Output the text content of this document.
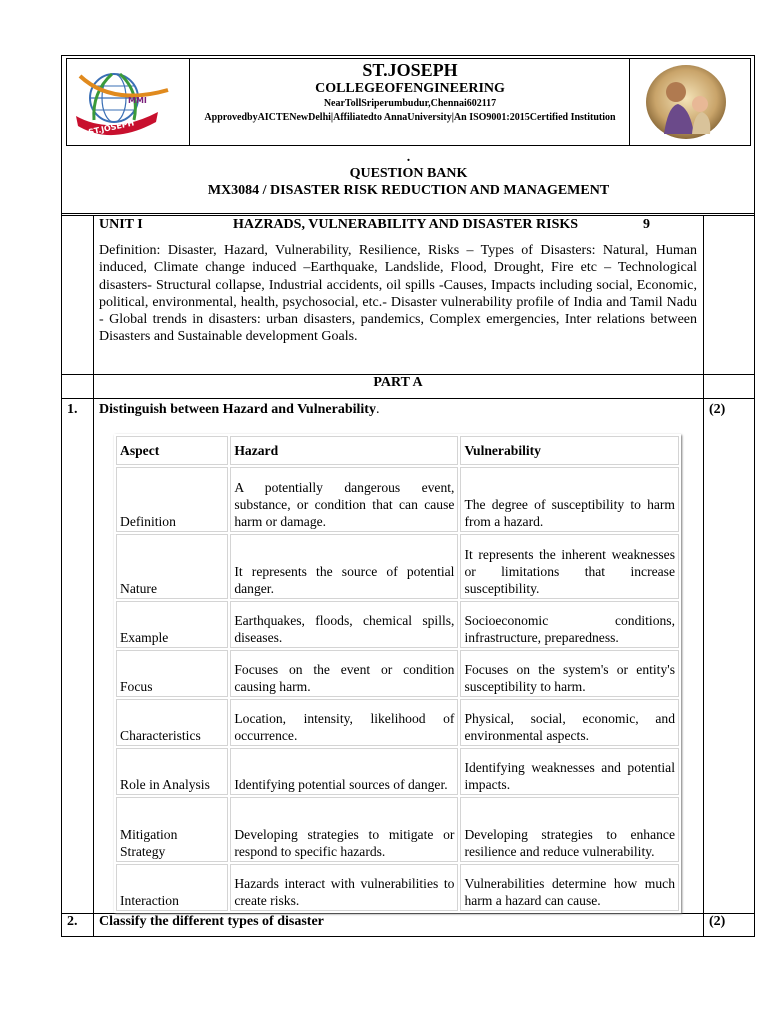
MMI
ST.JOSEPH
ST.JOSEPH
COLLEGEOFENGINEERING
NearTollSriperumbudur,Chennai602117
ApprovedbyAICTENewDelhi|Affiliatedto AnnaUniversity|An ISO9001:2015Certified Institution
.
QUESTION BANK
MX3084 / DISASTER RISK REDUCTION AND MANAGEMENT
UNIT I	HAZRADS, VULNERABILITY AND DISASTER RISKS	9
Definition: Disaster, Hazard, Vulnerability, Resilience, Risks – Types of Disasters: Natural, Human induced, Climate change induced –Earthquake, Landslide, Flood, Drought, Fire etc – Technological disasters- Structural collapse, Industrial accidents, oil spills -Causes, Impacts including social, Economic, political, environmental, health, psychosocial, etc.- Disaster vulnerability profile of India and Tamil Nadu - Global trends in disasters: urban disasters, pandemics, Complex emergencies, Inter relations between Disasters and Sustainable development Goals.
PART A
1. Distinguish between Hazard and Vulnerability.	(2)
Aspect	Hazard	Vulnerability
Definition	A potentially dangerous event, substance, or condition that can cause harm or damage.	The degree of susceptibility to harm from a hazard.
Nature	It represents the source of potential danger.	It represents the inherent weaknesses or limitations that increase susceptibility.
Example	Earthquakes, floods, chemical spills, diseases.	Socioeconomic conditions, infrastructure, preparedness.
Focus	Focuses on the event or condition causing harm.	Focuses on the system's or entity's susceptibility to harm.
Characteristics	Location, intensity, likelihood of occurrence.	Physical, social, economic, and environmental aspects.
Role in Analysis	Identifying potential sources of danger.	Identifying weaknesses and potential impacts.
Mitigation Strategy	Developing strategies to mitigate or respond to specific hazards.	Developing strategies to enhance resilience and reduce vulnerability.
Interaction	Hazards interact with vulnerabilities to create risks.	Vulnerabilities determine how much harm a hazard can cause.
2. Classify the different types of disaster	(2)
